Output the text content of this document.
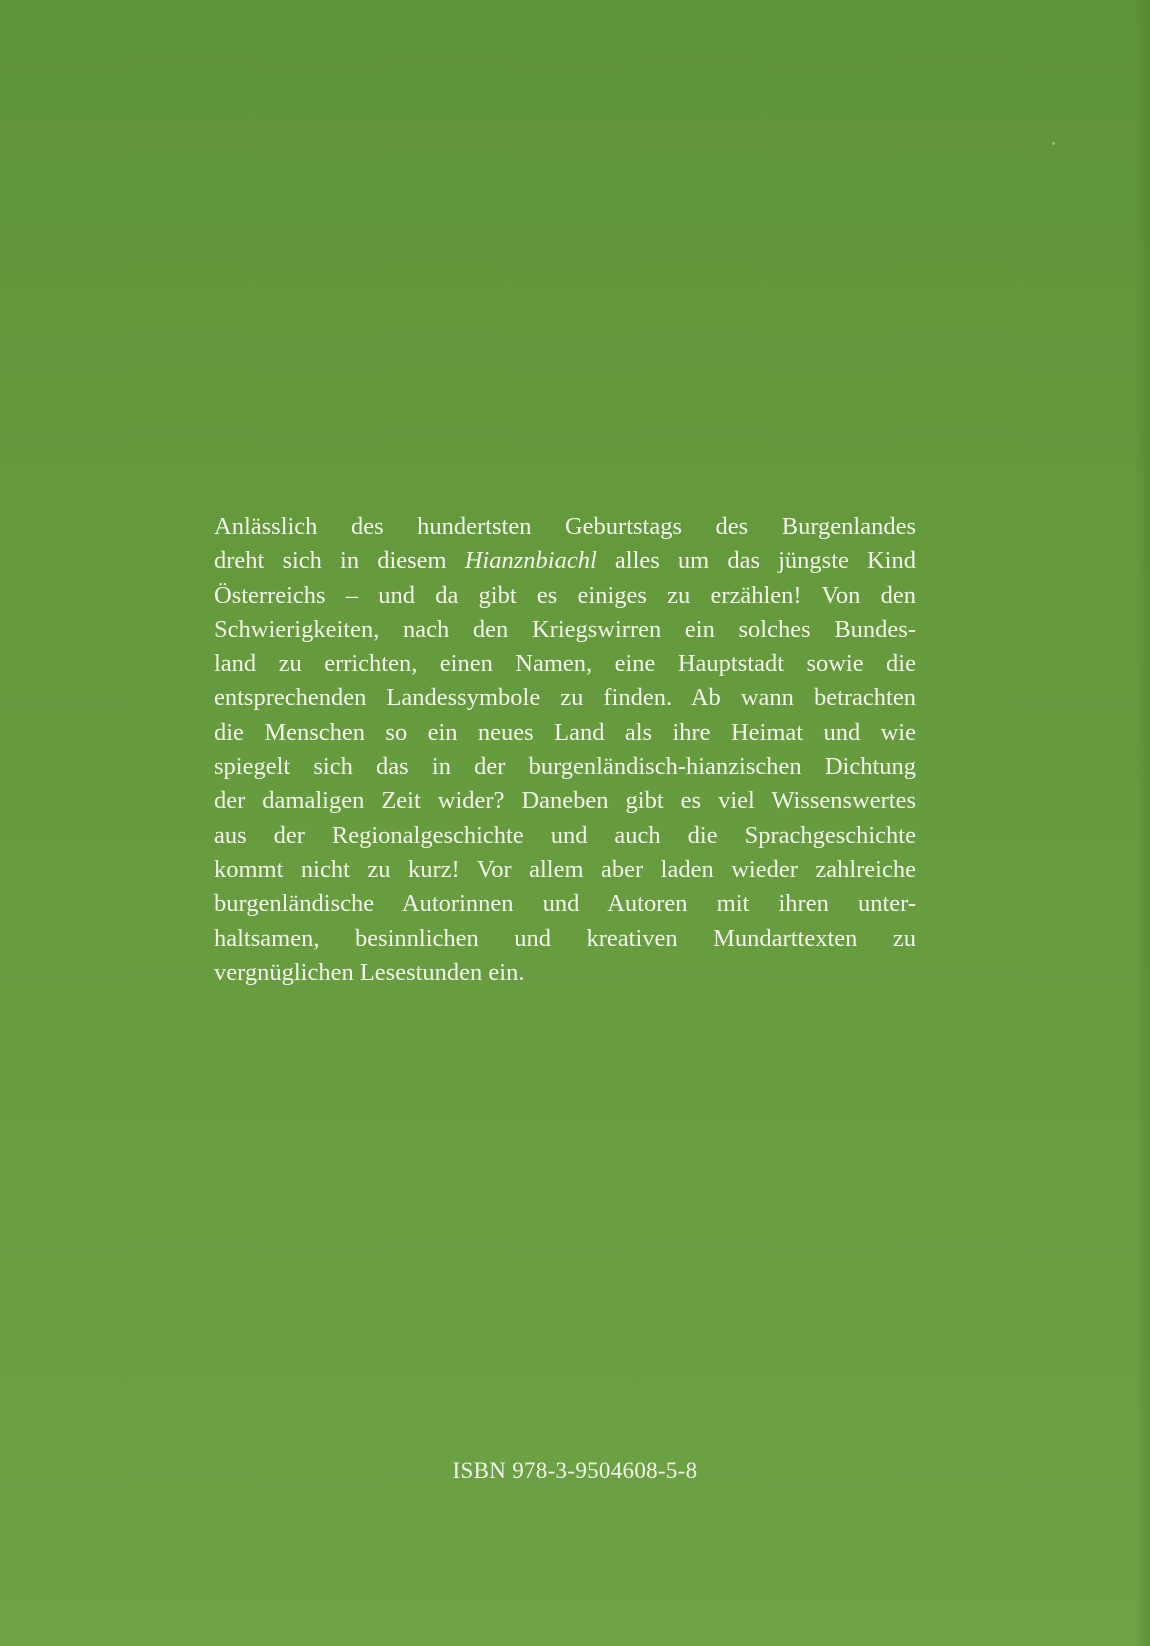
Anlässlich des hundertsten Geburtstags des Burgenlandes
dreht sich in diesem Hianznbiachl alles um das jüngste Kind
Österreichs – und da gibt es einiges zu erzählen! Von den
Schwierigkeiten, nach den Kriegswirren ein solches Bundes-
land zu errichten, einen Namen, eine Hauptstadt sowie die
entsprechenden Landessymbole zu finden. Ab wann betrachten
die Menschen so ein neues Land als ihre Heimat und wie
spiegelt sich das in der burgenländisch-hianzischen Dichtung
der damaligen Zeit wider? Daneben gibt es viel Wissenswertes
aus der Regionalgeschichte und auch die Sprachgeschichte
kommt nicht zu kurz! Vor allem aber laden wieder zahlreiche
burgenländische Autorinnen und Autoren mit ihren unter-
haltsamen, besinnlichen und kreativen Mundarttexten zu
vergnüglichen Lesestunden ein.
ISBN 978-3-9504608-5-8
